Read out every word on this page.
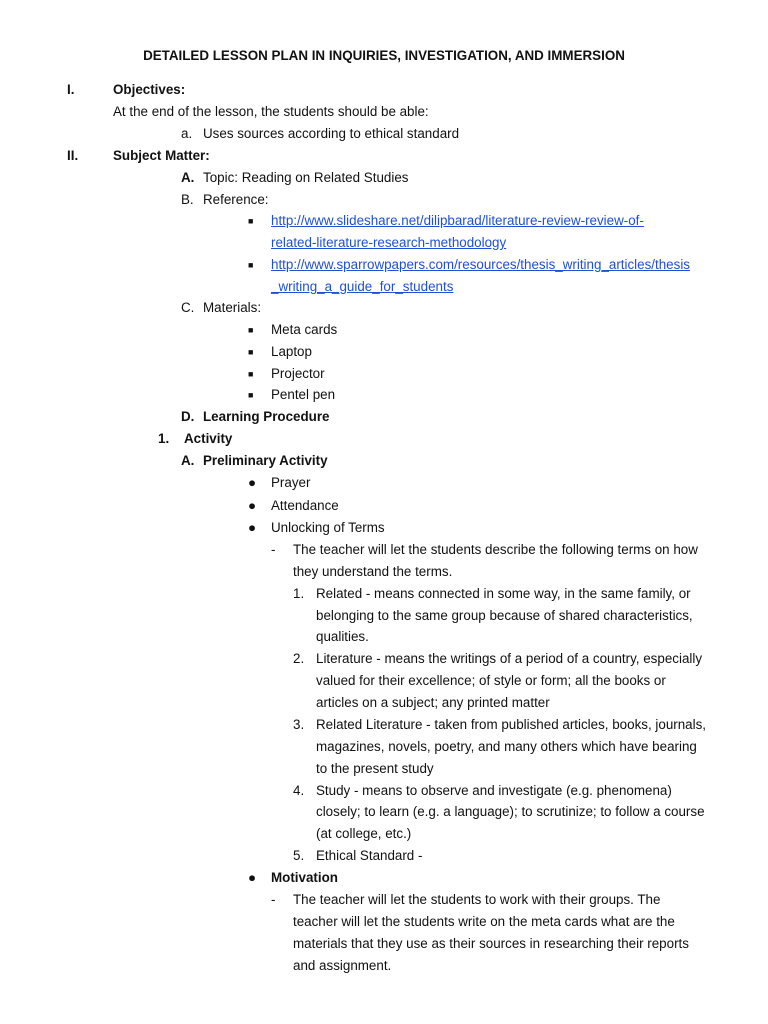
DETAILED LESSON PLAN IN INQUIRIES, INVESTIGATION, AND IMMERSION
I.	Objectives:
At the end of the lesson, the students should be able:
a. Uses sources according to ethical standard
II.	Subject Matter:
A. Topic: Reading on Related Studies
B. Reference:
■ http://www.slideshare.net/dilipbarad/literature-review-review-of-
related-literature-research-methodology
■ http://www.sparrowpapers.com/resources/thesis_writing_articles/thesis
_writing_a_guide_for_students
C. Materials:
■ Meta cards
■ Laptop
■ Projector
■ Pentel pen
D. Learning Procedure
1. Activity
A. Preliminary Activity
● Prayer
● Attendance
● Unlocking of Terms
- The teacher will let the students describe the following terms on how
they understand the terms.
1. Related - means connected in some way, in the same family, or
belonging to the same group because of shared characteristics,
qualities.
2. Literature - means the writings of a period of a country, especially
valued for their excellence; of style or form; all the books or
articles on a subject; any printed matter
3. Related Literature - taken from published articles, books, journals,
magazines, novels, poetry, and many others which have bearing
to the present study
4. Study - means to observe and investigate (e.g. phenomena)
closely; to learn (e.g. a language); to scrutinize; to follow a course
(at college, etc.)
5. Ethical Standard -
● Motivation
- The teacher will let the students to work with their groups. The
teacher will let the students write on the meta cards what are the
materials that they use as their sources in researching their reports
and assignment.
